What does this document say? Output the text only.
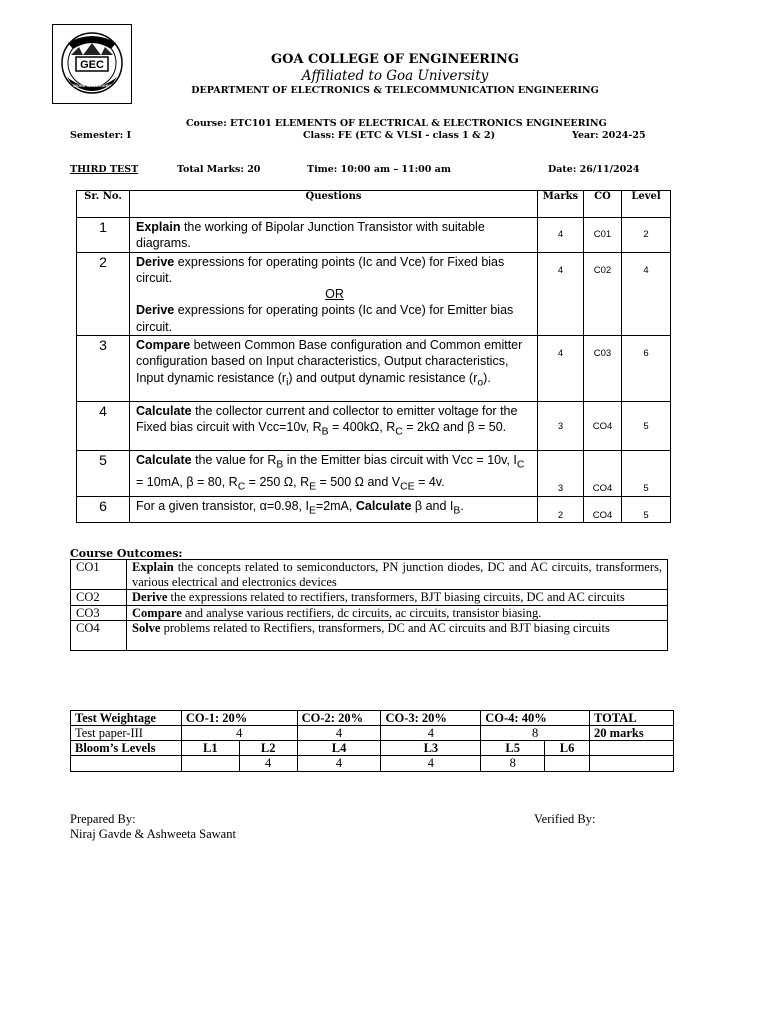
GEC
WORK IS WORSHIP
GOA COLLEGE OF ENGINEERING
Affiliated to Goa University
DEPARTMENT OF ELECTRONICS & TELECOMMUNICATION ENGINEERING
Course: ETC101 ELEMENTS OF ELECTRICAL & ELECTRONICS ENGINEERING
Semester: I	Class: FE (ETC & VLSI - class 1 & 2)	Year: 2024-25
THIRD TEST	Total Marks: 20	Time: 10:00 am – 11:00 am	Date: 26/11/2024
Sr. No.	Questions	Marks	CO	Level
1	Explain the working of Bipolar Junction Transistor with suitable diagrams.	4	C01	2
2	Derive expressions for operating points (Ic and Vce) for Fixed bias circuit.
OR
Derive expressions for operating points (Ic and Vce) for Emitter bias circuit.	4	C02	4
3	Compare between Common Base configuration and Common emitter configuration based on Input characteristics, Output characteristics, Input dynamic resistance $(r_i)$ and output dynamic resistance $(r_o)$.	4	C03	6
4	Calculate the collector current and collector to emitter voltage for the Fixed bias circuit with Vcc=10v, $R_B = 400k\Omega$, $R_C = 2k\Omega$ and β = 50.	3	CO4	5
5	Calculate the value for $R_B$ in the Emitter bias circuit with Vcc = 10v, $I_C = 10mA$, β = 80, $R_C = 250$ Ω, $R_E = 500$ Ω and $V_{CE} = 4v$.	3	CO4	5
6	For a given transistor, α=0.98, $I_E=2mA$, Calculate β and $I_B$.	2	CO4	5
Course Outcomes:
CO1	Explain the concepts related to semiconductors, PN junction diodes, DC and AC circuits, transformers, various electrical and electronics devices
CO2	Derive the expressions related to rectifiers, transformers, BJT biasing circuits, DC and AC circuits
CO3	Compare and analyse various rectifiers, dc circuits, ac circuits, transistor biasing.
CO4	Solve problems related to Rectifiers, transformers, DC and AC circuits and BJT biasing circuits
Test Weightage	CO-1: 20%		CO-2: 20%	CO-3: 20%	CO-4: 40%		TOTAL
Test paper-III	4		4	4	8		20 marks
Bloom’s Levels	L1	L2	L4	L3	L5	L6	
		4	4	4	8		
Prepared By:
Niraj Gavde & Ashweeta Sawant
Verified By:
